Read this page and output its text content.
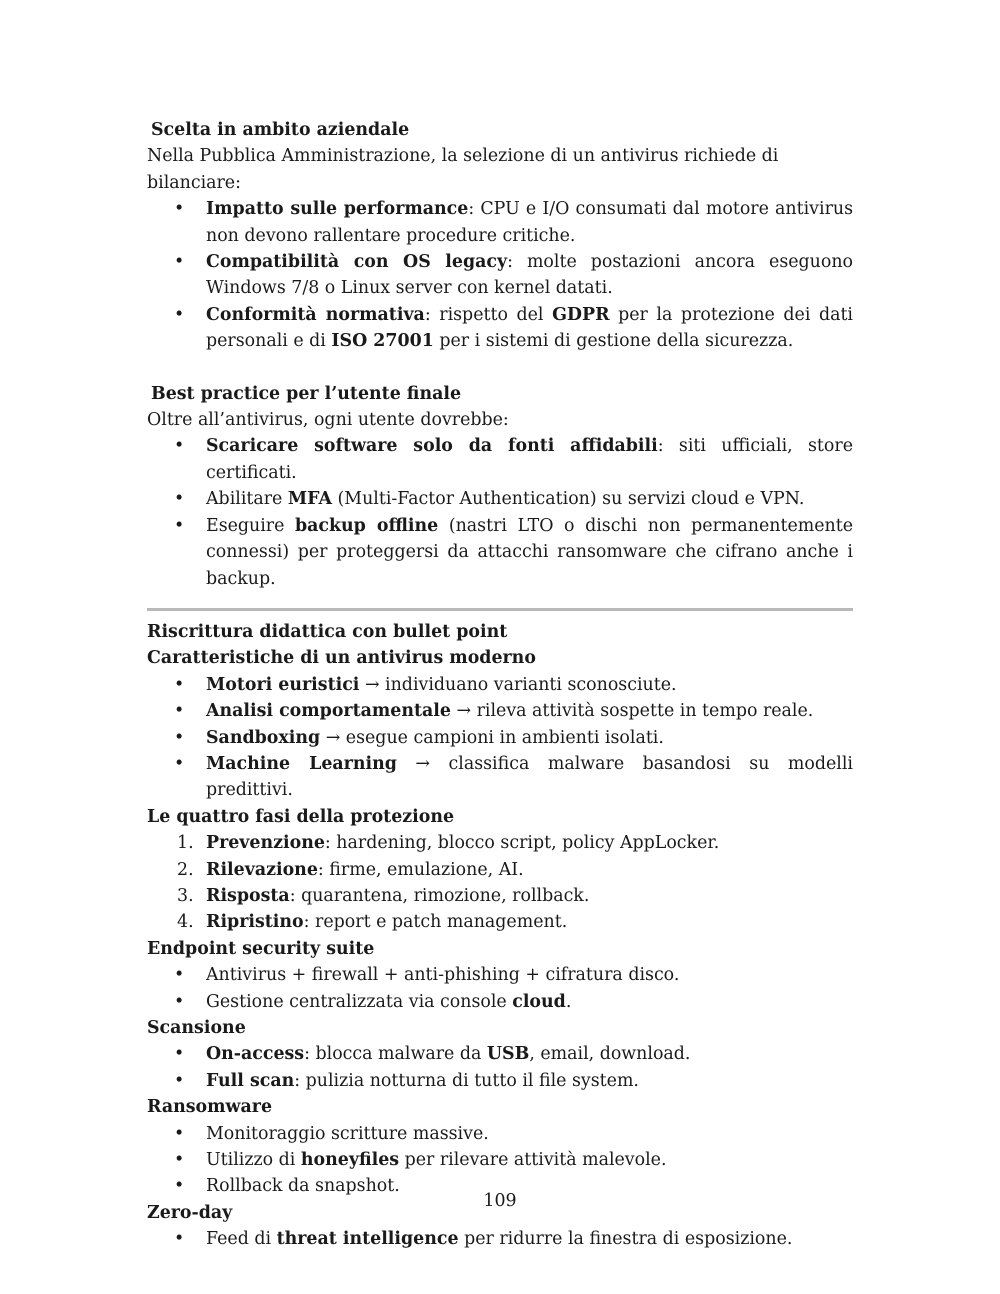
Scelta in ambito aziendale

Nella Pubblica Amministrazione, la selezione di un antivirus richiede di bilanciare:

• Impatto sulle performance: CPU e I/O consumati dal motore antivirus non devono rallentare procedure critiche.
• Compatibilità con OS legacy: molte postazioni ancora eseguono Windows 7/8 o Linux server con kernel datati.
• Conformità normativa: rispetto del GDPR per la protezione dei dati personali e di ISO 27001 per i sistemi di gestione della sicurezza.

Best practice per l’utente finale

Oltre all’antivirus, ogni utente dovrebbe:

• Scaricare software solo da fonti affidabili: siti ufficiali, store certificati.
• Abilitare MFA (Multi-Factor Authentication) su servizi cloud e VPN.
• Eseguire backup offline (nastri LTO o dischi non permanentemente connessi) per proteggersi da attacchi ransomware che cifrano anche i backup.

Riscrittura didattica con bullet point

Caratteristiche di un antivirus moderno

• Motori euristici → individuano varianti sconosciute.
• Analisi comportamentale → rileva attività sospette in tempo reale.
• Sandboxing → esegue campioni in ambienti isolati.
• Machine Learning → classifica malware basandosi su modelli predittivi.

Le quattro fasi della protezione

1. Prevenzione: hardening, blocco script, policy AppLocker.
2. Rilevazione: firme, emulazione, AI.
3. Risposta: quarantena, rimozione, rollback.
4. Ripristino: report e patch management.

Endpoint security suite

• Antivirus + firewall + anti-phishing + cifratura disco.
• Gestione centralizzata via console cloud.

Scansione

• On-access: blocca malware da USB, email, download.
• Full scan: pulizia notturna di tutto il file system.

Ransomware

• Monitoraggio scritture massive.
• Utilizzo di honeyfiles per rilevare attività malevole.
• Rollback da snapshot.

Zero-day

• Feed di threat intelligence per ridurre la finestra di esposizione.
109
